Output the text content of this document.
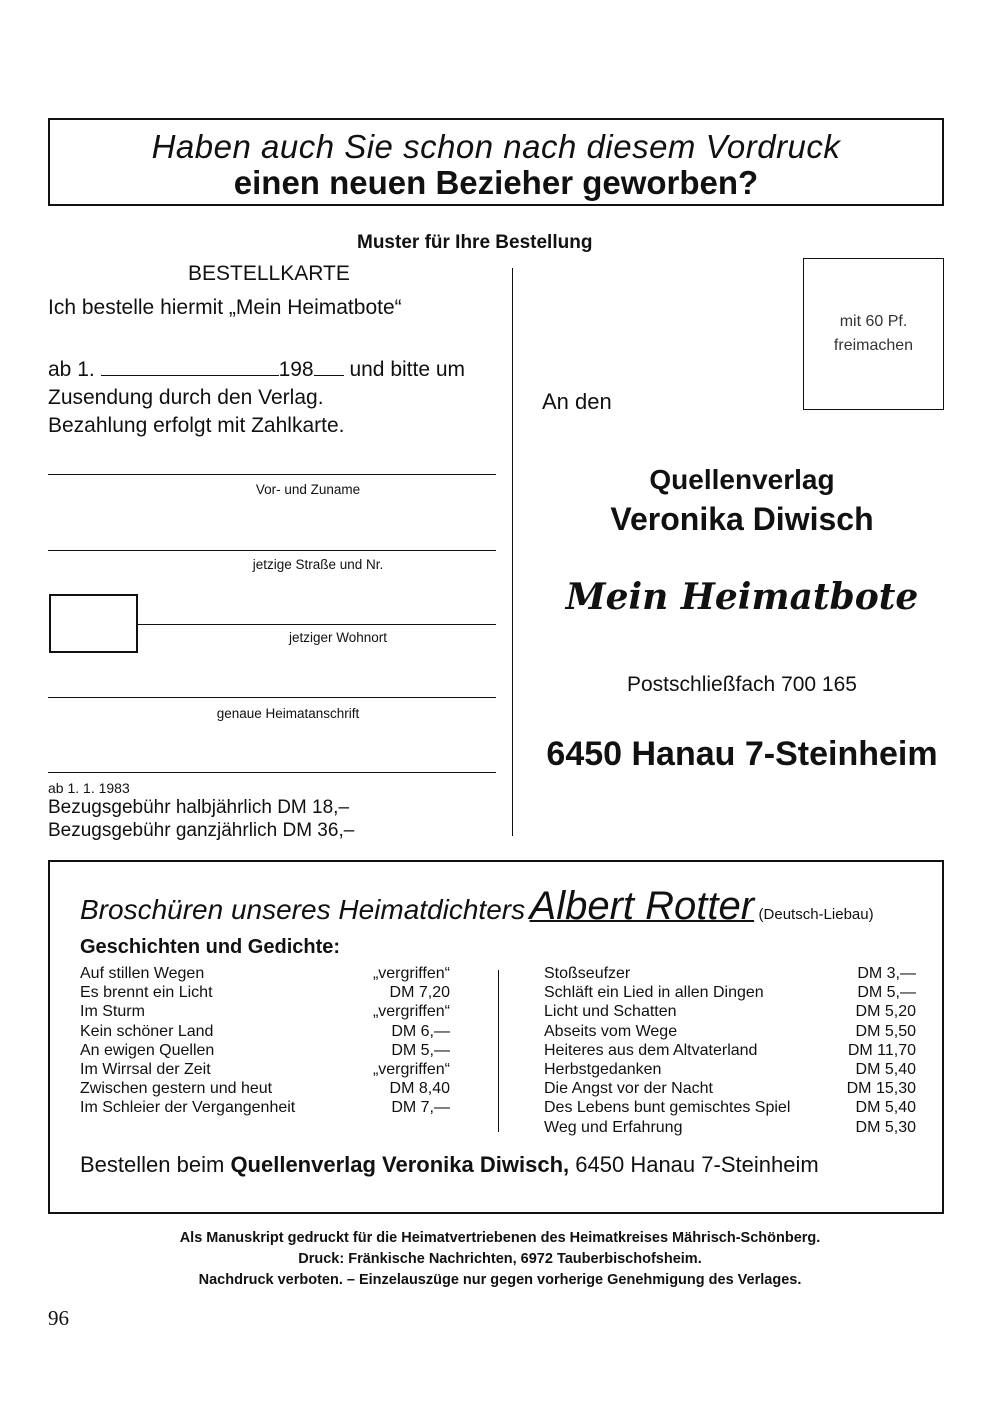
Haben auch Sie schon nach diesem Vordruck
einen neuen Bezieher geworben?
Muster für Ihre Bestellung
BESTELLKARTE
Ich bestelle hiermit „Mein Heimatbote“
ab 1.	198 und bitte um
Zusendung durch den Verlag.
Bezahlung erfolgt mit Zahlkarte.
Vor- und Zuname
jetzige Straße und Nr.
jetziger Wohnort
genaue Heimatanschrift
ab 1. 1. 1983
Bezugsgebühr halbjährlich DM 18,–
Bezugsgebühr ganzjährlich DM 36,–
mit 60 Pf.
freimachen
An den
Quellenverlag
Veronika Diwisch
Mein Heimatbote
Postschließfach 700 165
6450 Hanau 7-Steinheim
Broschüren unseres Heimatdichters Albert Rotter (Deutsch-Liebau)
Geschichten und Gedichte:
Auf stillen Wegen	„vergriffen“
Es brennt ein Licht	DM 7,20
Im Sturm	„vergriffen“
Kein schöner Land	DM 6,—
An ewigen Quellen	DM 5,—
Im Wirrsal der Zeit	„vergriffen“
Zwischen gestern und heut	DM 8,40
Im Schleier der Vergangenheit	DM 7,—
Stoßseufzer	DM 3,—
Schläft ein Lied in allen Dingen	DM 5,—
Licht und Schatten	DM 5,20
Abseits vom Wege	DM 5,50
Heiteres aus dem Altvaterland	DM 11,70
Herbstgedanken	DM 5,40
Die Angst vor der Nacht	DM 15,30
Des Lebens bunt gemischtes Spiel	DM 5,40
Weg und Erfahrung	DM 5,30
Bestellen beim Quellenverlag Veronika Diwisch, 6450 Hanau 7-Steinheim
Als Manuskript gedruckt für die Heimatvertriebenen des Heimatkreises Mährisch-Schönberg.
Druck: Fränkische Nachrichten, 6972 Tauberbischofsheim.
Nachdruck verboten. – Einzelauszüge nur gegen vorherige Genehmigung des Verlages.
96
